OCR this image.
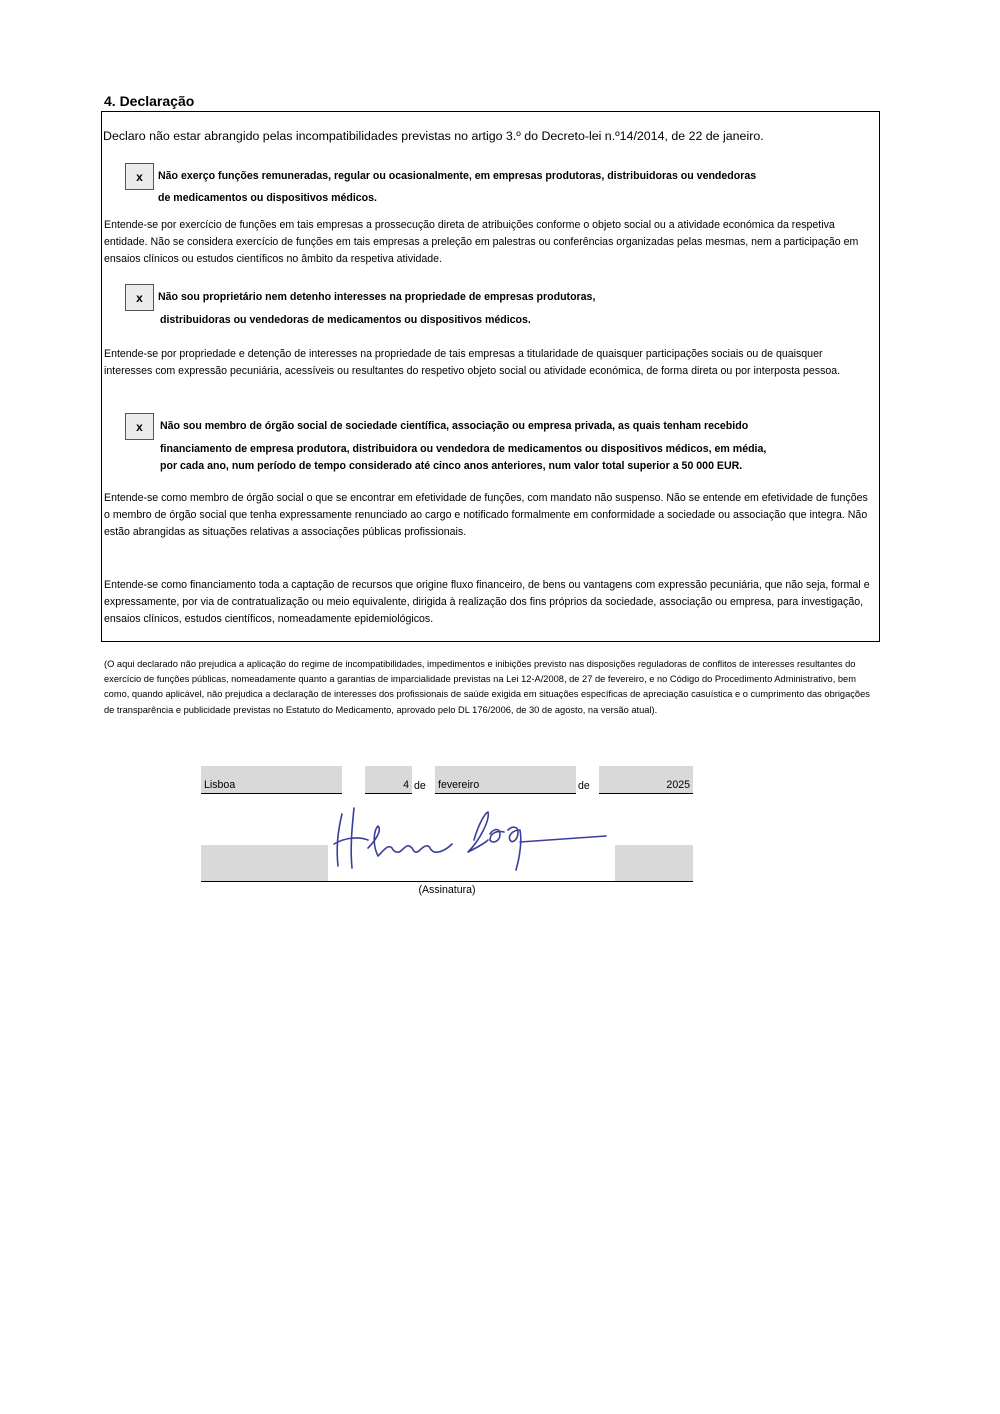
4. Declaração
Declaro não estar abrangido pelas incompatibilidades previstas no artigo 3.º do Decreto-lei n.º14/2014, de 22 de janeiro.
x	Não exerço funções remuneradas, regular ou ocasionalmente, em empresas produtoras, distribuidoras ou vendedoras
de medicamentos ou dispositivos médicos.
Entende-se por exercício de funções em tais empresas a prossecução direta de atribuições conforme o objeto social ou a atividade económica da respetiva entidade. Não se considera exercício de funções em tais empresas a preleção em palestras ou conferências organizadas pelas mesmas, nem a participação em ensaios clínicos ou estudos científicos no âmbito da respetiva atividade.
x	Não sou proprietário nem detenho interesses na propriedade de empresas produtoras,
distribuidoras ou vendedoras de medicamentos ou dispositivos médicos.
Entende-se por propriedade e detenção de interesses na propriedade de tais empresas a titularidade de quaisquer participações sociais ou de quaisquer interesses com expressão pecuniária, acessíveis ou resultantes do respetivo objeto social ou atividade económica, de forma direta ou por interposta pessoa.
x	Não sou membro de órgão social de sociedade científica, associação ou empresa privada, as quais tenham recebido
financiamento de empresa produtora, distribuidora ou vendedora de medicamentos ou dispositivos médicos, em média,
por cada ano, num período de tempo considerado até cinco anos anteriores, num valor total superior a 50 000 EUR.
Entende-se como membro de órgão social o que se encontrar em efetividade de funções, com mandato não suspenso. Não se entende em efetividade de funções o membro de órgão social que tenha expressamente renunciado ao cargo e notificado formalmente em conformidade a sociedade ou associação que integra. Não estão abrangidas as situações relativas a associações públicas profissionais.
Entende-se como financiamento toda a captação de recursos que origine fluxo financeiro, de bens ou vantagens com expressão pecuniária, que não seja, formal e expressamente, por via de contratualização ou meio equivalente, dirigida à realização dos fins próprios da sociedade, associação ou empresa, para investigação, ensaios clínicos, estudos científicos, nomeadamente epidemiológicos.
(O aqui declarado não prejudica a aplicação do regime de incompatibilidades, impedimentos e inibições previsto nas disposições reguladoras de conflitos de interesses resultantes do exercício de funções públicas, nomeadamente quanto a garantias de imparcialidade previstas na Lei 12-A/2008, de 27 de fevereiro, e no Código do Procedimento Administrativo, bem como, quando aplicável, não prejudica a declaração de interesses dos profissionais de saúde exigida em situações específicas de apreciação casuística e o cumprimento das obrigações de transparência e publicidade previstas no Estatuto do Medicamento, aprovado pelo DL 176/2006, de 30 de agosto, na versão atual).
Lisboa	4 de fevereiro	de	2025
(Assinatura)
